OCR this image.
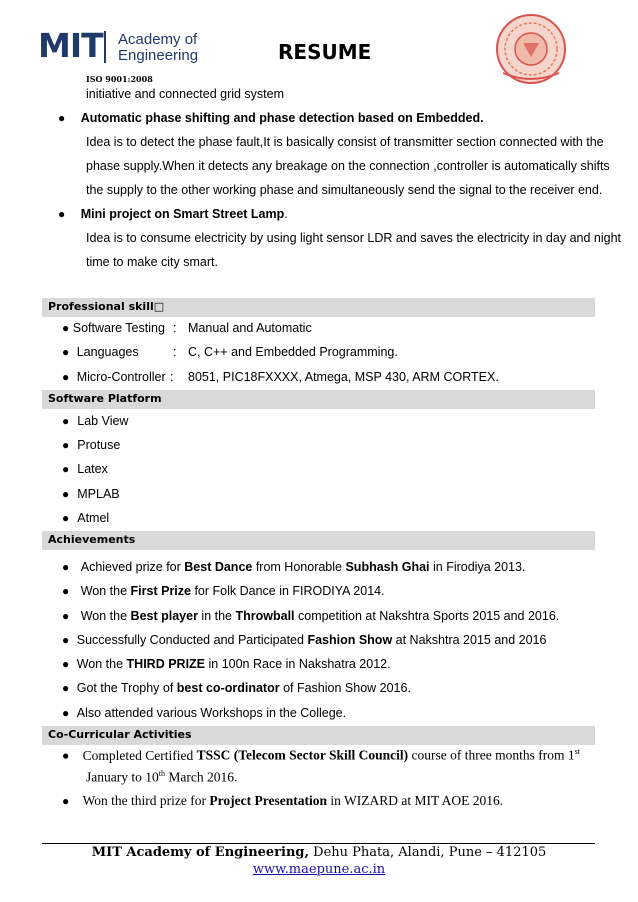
MIT Academy of
Engineering
ISO 9001:2008
RESUME
initiative and connected grid system
● Automatic phase shifting and phase detection based on Embedded.
Idea is to detect the phase fault,It is basically consist of transmitter section connected with the
phase supply.When it detects any breakage on the connection ,controller is automatically shifts
the supply to the other working phase and simultaneously send the signal to the receiver end.
● Mini project on Smart Street Lamp.
Idea is to consume electricity by using light sensor LDR and saves the electricity in day and night
time to make city smart.
Professional skill□
● Software Testing : Manual and Automatic
● Languages	: C, C++ and Embedded Programming.
● Micro-Controller : 8051, PIC18FXXXX, Atmega, MSP 430, ARM CORTEX.
Software Platform
● Lab View
● Protuse
● Latex
● MPLAB
● Atmel
Achievements
● Achieved prize for Best Dance from Honorable Subhash Ghai in Firodiya 2013.
● Won the First Prize for Folk Dance in FIRODIYA 2014.
● Won the Best player in the Throwball competition at Nakshtra Sports 2015 and 2016.
● Successfully Conducted and Participated Fashion Show at Nakshtra 2015 and 2016
● Won the THIRD PRIZE in 100n Race in Nakshatra 2012.
● Got the Trophy of best co-ordinator of Fashion Show 2016.
● Also attended various Workshops in the College.
Co-Curricular Activities
● Completed Certified TSSC (Telecom Sector Skill Council) course of three months from 1st
January to 10th March 2016.
● Won the third prize for Project Presentation in WIZARD at MIT AOE 2016.
MIT Academy of Engineering, Dehu Phata, Alandi, Pune – 412105
www.maepune.ac.in
